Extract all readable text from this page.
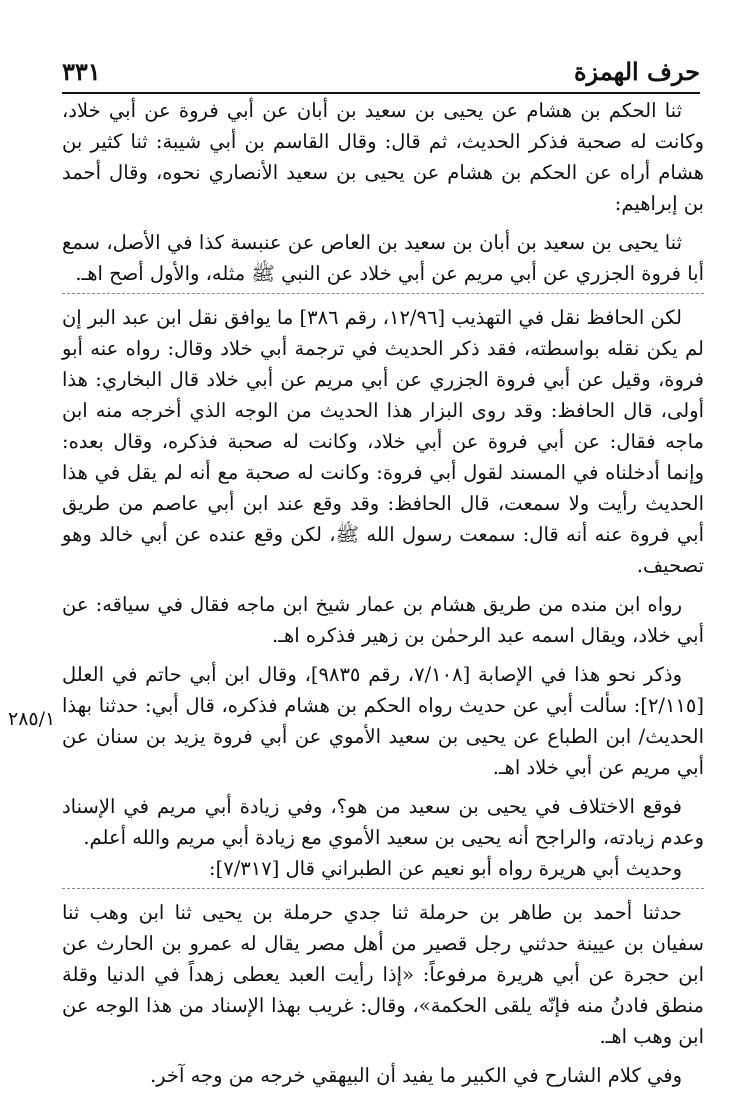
حرف الهمزة
٣٣١
٢٨٥/١

ثنا الحكم بن هشام عن يحيى بن سعيد بن أبان عن أبي فروة عن أبي خلاد، وكانت له صحبة فذكر الحديث، ثم قال: وقال القاسم بن أبي شيبة: ثنا كثير بن هشام أراه عن الحكم بن هشام عن يحيى بن سعيد الأنصاري نحوه، وقال أحمد بن إبراهيم:

ثنا يحيى بن سعيد بن أبان بن سعيد بن العاص عن عنبسة كذا في الأصل، سمع أبا فروة الجزري عن أبي مريم عن أبي خلاد عن النبي ﷺ مثله، والأول أصح اهـ.

لكن الحافظ نقل في التهذيب [١٢/٩٦، رقم ٣٨٦] ما يوافق نقل ابن عبد البر إن لم يكن نقله بواسطته، فقد ذكر الحديث في ترجمة أبي خلاد وقال: رواه عنه أبو فروة، وقيل عن أبي فروة الجزري عن أبي مريم عن أبي خلاد قال البخاري: هذا أولى، قال الحافظ: وقد روى البزار هذا الحديث من الوجه الذي أخرجه منه ابن ماجه فقال: عن أبي فروة عن أبي خلاد، وكانت له صحبة فذكره، وقال بعده: وإنما أدخلناه في المسند لقول أبي فروة: وكانت له صحبة مع أنه لم يقل في هذا الحديث رأيت ولا سمعت، قال الحافظ: وقد وقع عند ابن أبي عاصم من طريق أبي فروة عنه أنه قال: سمعت رسول الله ﷺ، لكن وقع عنده عن أبي خالد وهو تصحيف.

رواه ابن منده من طريق هشام بن عمار شيخ ابن ماجه فقال في سياقه: عن أبي خلاد، ويقال اسمه عبد الرحمٰن بن زهير فذكره اهـ.

وذكر نحو هذا في الإصابة [٧/١٠٨، رقم ٩٨٣٥]، وقال ابن أبي حاتم في العلل [٢/١١٥]: سألت أبي عن حديث رواه الحكم بن هشام فذكره، قال أبي: حدثنا بهذا الحديث/ ابن الطباع عن يحيى بن سعيد الأموي عن أبي فروة يزيد بن سنان عن أبي مريم عن أبي خلاد اهـ.

فوقع الاختلاف في يحيى بن سعيد من هو؟، وفي زيادة أبي مريم في الإسناد وعدم زيادته، والراجح أنه يحيى بن سعيد الأموي مع زيادة أبي مريم والله أعلم.

وحديث أبي هريرة رواه أبو نعيم عن الطبراني قال [٧/٣١٧]:

حدثنا أحمد بن طاهر بن حرملة ثنا جدي حرملة بن يحيى ثنا ابن وهب ثنا سفيان بن عيينة حدثني رجل قصير من أهل مصر يقال له عمرو بن الحارث عن ابن حجرة عن أبي هريرة مرفوعاً: «إذا رأيت العبد يعطى زهداً في الدنيا وقلة منطق فادنُ منه فإنّه يلقى الحكمة»، وقال: غريب بهذا الإسناد من هذا الوجه عن ابن وهب اهـ.

وفي كلام الشارح في الكبير ما يفيد أن البيهقي خرجه من وجه آخر.
